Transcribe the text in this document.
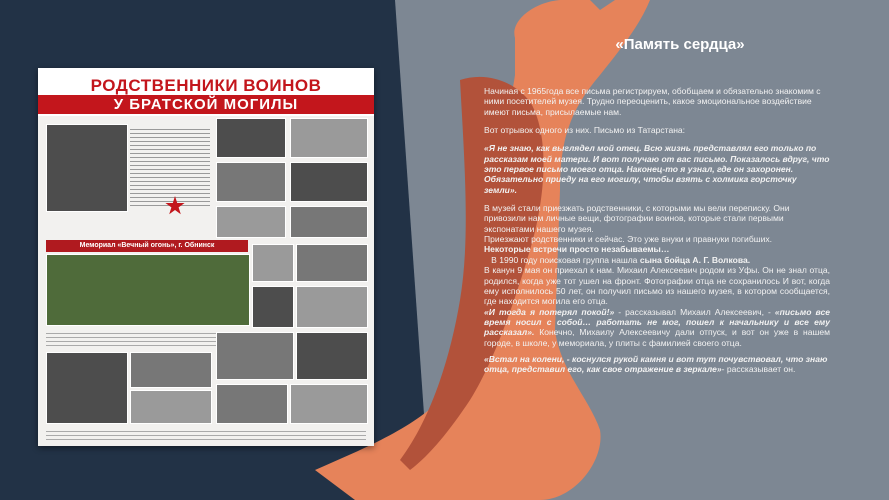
РОДСТВЕННИКИ ВОИНОВ
У БРАТСКОЙ МОГИЛЫ
Мемориал «Вечный огонь», г. Обнинск
«Память сердца»

Начиная с 1965года все письма регистрируем, обобщаем и обязательно знакомим с ними посетителей музея. Трудно переоценить, какое эмоциональное воздействие имеют письма, присылаемые нам.

Вот отрывок одного из них. Письмо из Татарстана:

«Я не знаю, как выглядел мой отец. Всю жизнь представлял его только по рассказам моей матери. И вот получаю от вас письмо. Показалось вдруг, что это первое письмо моего отца. Наконец-то я узнал, где он захоронен. Обязательно приеду на его могилу, чтобы взять с холмика горсточку земли».

В музей стали приезжать родственники, с которыми мы вели переписку. Они привозили нам личные вещи, фотографии воинов, которые стали первыми экспонатами нашего музея.

Приезжают родственники и сейчас. Это уже внуки и правнуки погибших.

Некоторые встречи просто незабываемы…

В 1990 году поисковая группа нашла сына бойца А. Г. Волкова.

В канун 9 мая он приехал к нам. Михаил Алексеевич родом из Уфы. Он не знал отца, родился, когда уже тот ушел на фронт. Фотографии отца не сохранилось И вот, когда ему исполнилось 50 лет, он получил письмо из нашего музея, в котором сообщается, где находится могила его отца.

«И тогда я потерял покой!» - рассказывал Михаил Алексеевич, - «письмо все время носил с собой… работать не мог, пошел к начальнику и все ему рассказал». Конечно, Михаилу Алексеевичу дали отпуск, и вот он уже в нашем городе, в школе, у мемориала, у плиты с фамилией своего отца.

«Встал на колени, - коснулся рукой камня и вот тут почувствовал, что знаю отца, представил его, как свое отражение в зеркале»- рассказывает он.
